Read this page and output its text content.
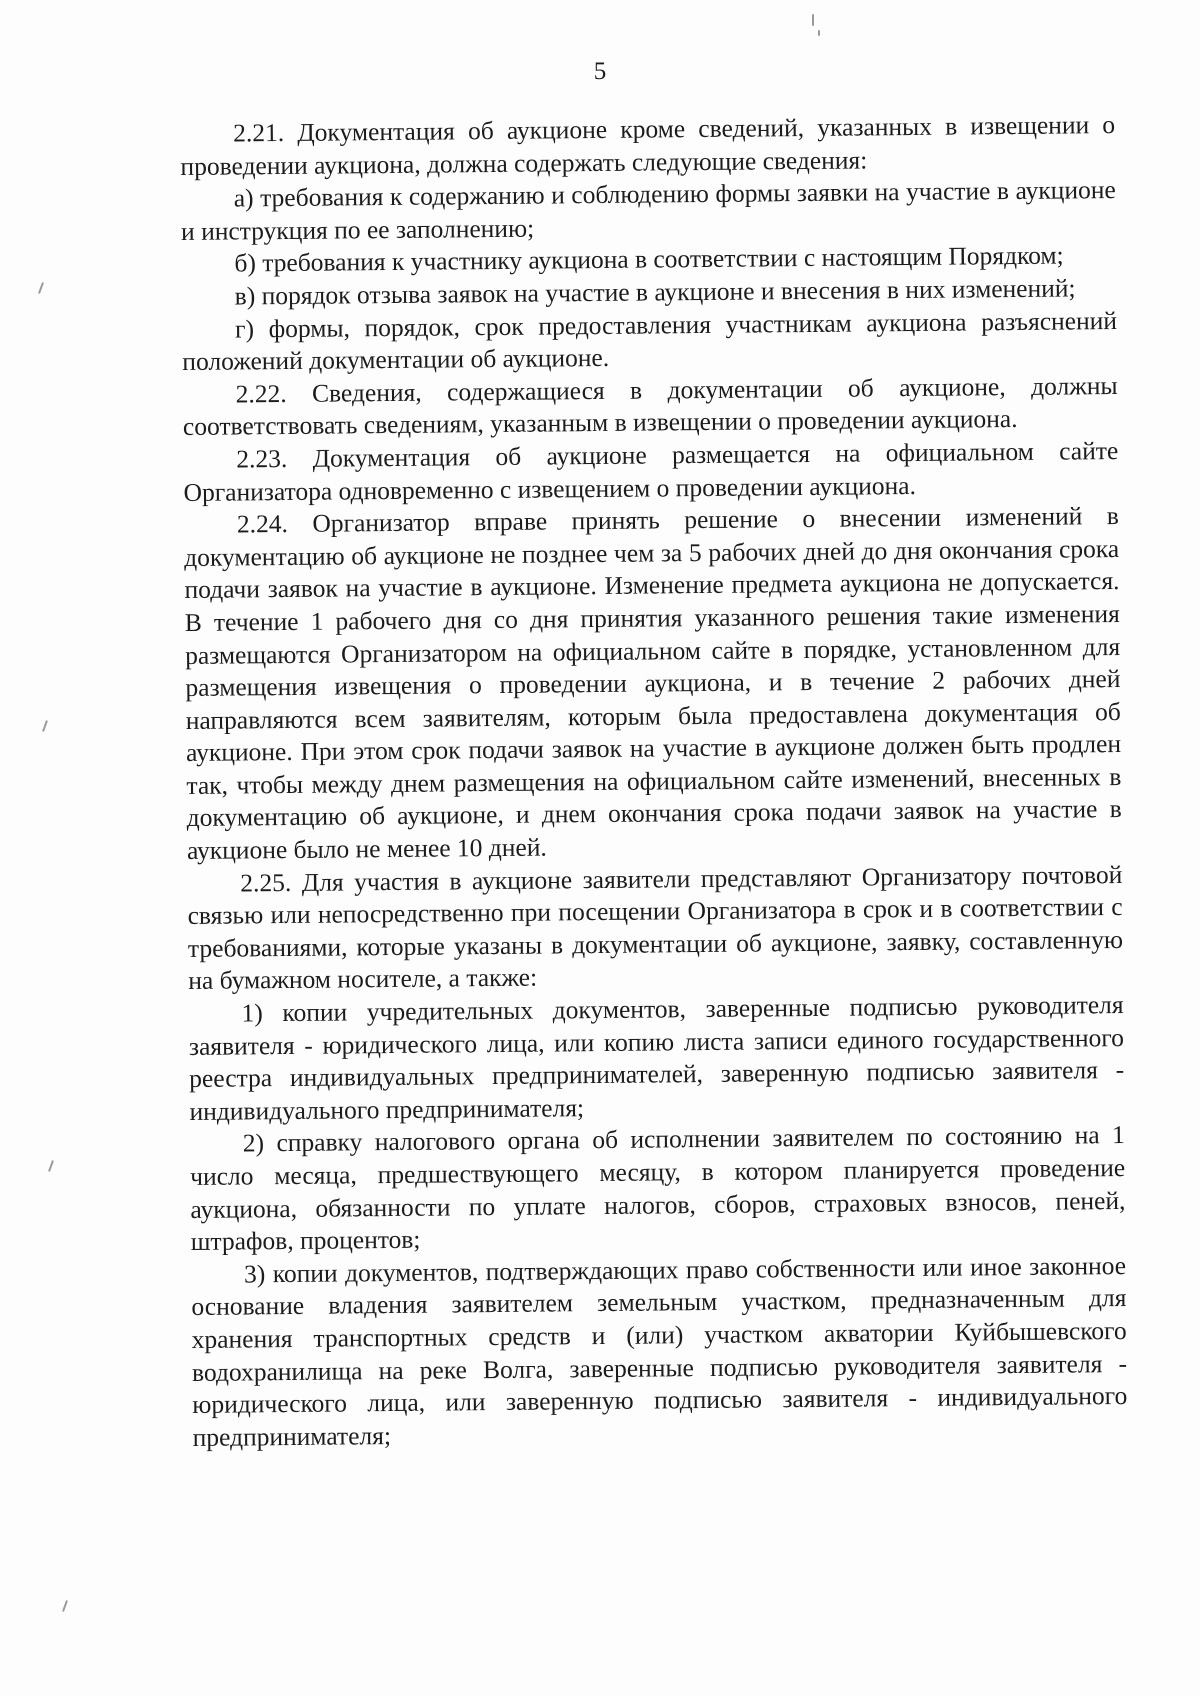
5

2.21. Документация об аукционе кроме сведений, указанных в извещении о проведении аукциона, должна содержать следующие сведения:

а) требования к содержанию и соблюдению формы заявки на участие в аукционе и инструкция по ее заполнению;

б) требования к участнику аукциона в соответствии с настоящим Порядком;

в) порядок отзыва заявок на участие в аукционе и внесения в них изменений;

г) формы, порядок, срок предоставления участникам аукциона разъяснений положений документации об аукционе.

2.22. Сведения, содержащиеся в документации об аукционе, должны соответствовать сведениям, указанным в извещении о проведении аукциона.

2.23. Документация об аукционе размещается на официальном сайте Организатора одновременно с извещением о проведении аукциона.

2.24. Организатор вправе принять решение о внесении изменений в документацию об аукционе не позднее чем за 5 рабочих дней до дня окончания срока подачи заявок на участие в аукционе. Изменение предмета аукциона не допускается. В течение 1 рабочего дня со дня принятия указанного решения такие изменения размещаются Организатором на официальном сайте в порядке, установленном для размещения извещения о проведении аукциона, и в течение 2 рабочих дней направляются всем заявителям, которым была предоставлена документация об аукционе. При этом срок подачи заявок на участие в аукционе должен быть продлен так, чтобы между днем размещения на официальном сайте изменений, внесенных в документацию об аукционе, и днем окончания срока подачи заявок на участие в аукционе было не менее 10 дней.

2.25. Для участия в аукционе заявители представляют Организатору почтовой связью или непосредственно при посещении Организатора в срок и в соответствии с требованиями, которые указаны в документации об аукционе, заявку, составленную на бумажном носителе, а также:

1) копии учредительных документов, заверенные подписью руководителя заявителя - юридического лица, или копию листа записи единого государственного реестра индивидуальных предпринимателей, заверенную подписью заявителя - индивидуального предпринимателя;

2) справку налогового органа об исполнении заявителем по состоянию на 1 число месяца, предшествующего месяцу, в котором планируется проведение аукциона, обязанности по уплате налогов, сборов, страховых взносов, пеней, штрафов, процентов;

3) копии документов, подтверждающих право собственности или иное законное основание владения заявителем земельным участком, предназначенным для хранения транспортных средств и (или) участком акватории Куйбышевского водохранилища на реке Волга, заверенные подписью руководителя заявителя - юридического лица, или заверенную подписью заявителя - индивидуального предпринимателя;
